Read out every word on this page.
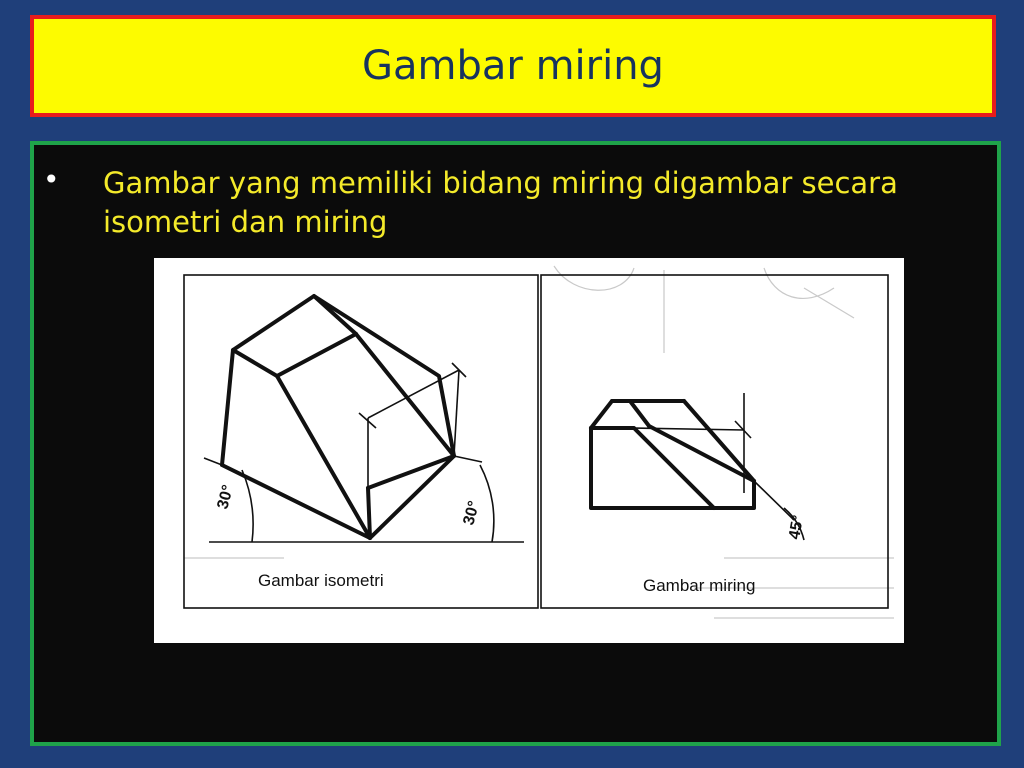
Gambar miring
• Gambar yang memiliki bidang miring digambar secara isometri dan miring
30°
30°
Gambar isometri
45°
Gambar miring
